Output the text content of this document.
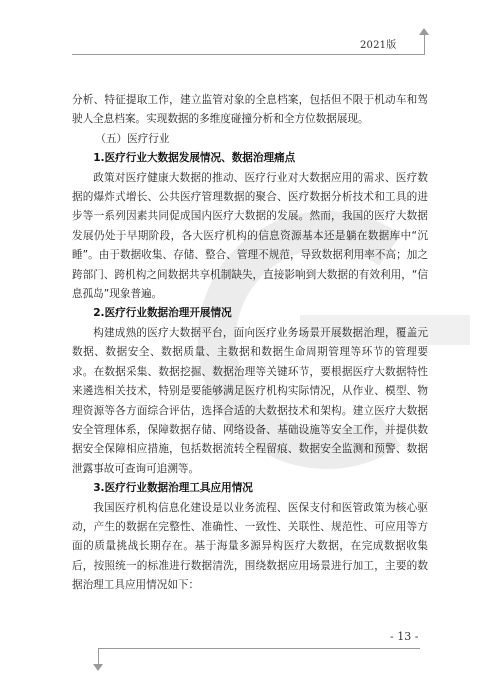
2021版

分析、特征提取工作，建立监管对象的全息档案，包括但不限于机动车和驾驶人全息档案。实现数据的多维度碰撞分析和全方位数据展现。

（五）医疗行业

1.医疗行业大数据发展情况、数据治理痛点

政策对医疗健康大数据的推动、医疗行业对大数据应用的需求、医疗数据的爆炸式增长、公共医疗管理数据的聚合、医疗数据分析技术和工具的进步等一系列因素共同促成国内医疗大数据的发展。然而，我国的医疗大数据发展仍处于早期阶段，各大医疗机构的信息资源基本还是躺在数据库中“沉睡”。由于数据收集、存储、整合、管理不规范，导致数据利用率不高；加之跨部门、跨机构之间数据共享机制缺失，直接影响到大数据的有效利用，“信息孤岛”现象普遍。

2.医疗行业数据治理开展情况

构建成熟的医疗大数据平台，面向医疗业务场景开展数据治理，覆盖元数据、数据安全、数据质量、主数据和数据生命周期管理等环节的管理要求。在数据采集、数据挖掘、数据治理等关键环节，要根据医疗大数据特性来遴选相关技术，特别是要能够满足医疗机构实际情况，从作业、模型、物理资源等各方面综合评估，选择合适的大数据技术和架构。建立医疗大数据安全管理体系，保障数据存储、网络设备、基础设施等安全工作，并提供数据安全保障相应措施，包括数据流转全程留痕、数据安全监测和预警、数据泄露事故可查询可追溯等。

3.医疗行业数据治理工具应用情况

我国医疗机构信息化建设是以业务流程、医保支付和医管政策为核心驱动，产生的数据在完整性、准确性、一致性、关联性、规范性、可应用等方面的质量挑战长期存在。基于海量多源异构医疗大数据，在完成数据收集后，按照统一的标准进行数据清洗，围绕数据应用场景进行加工，主要的数据治理工具应用情况如下：

- 13 -
